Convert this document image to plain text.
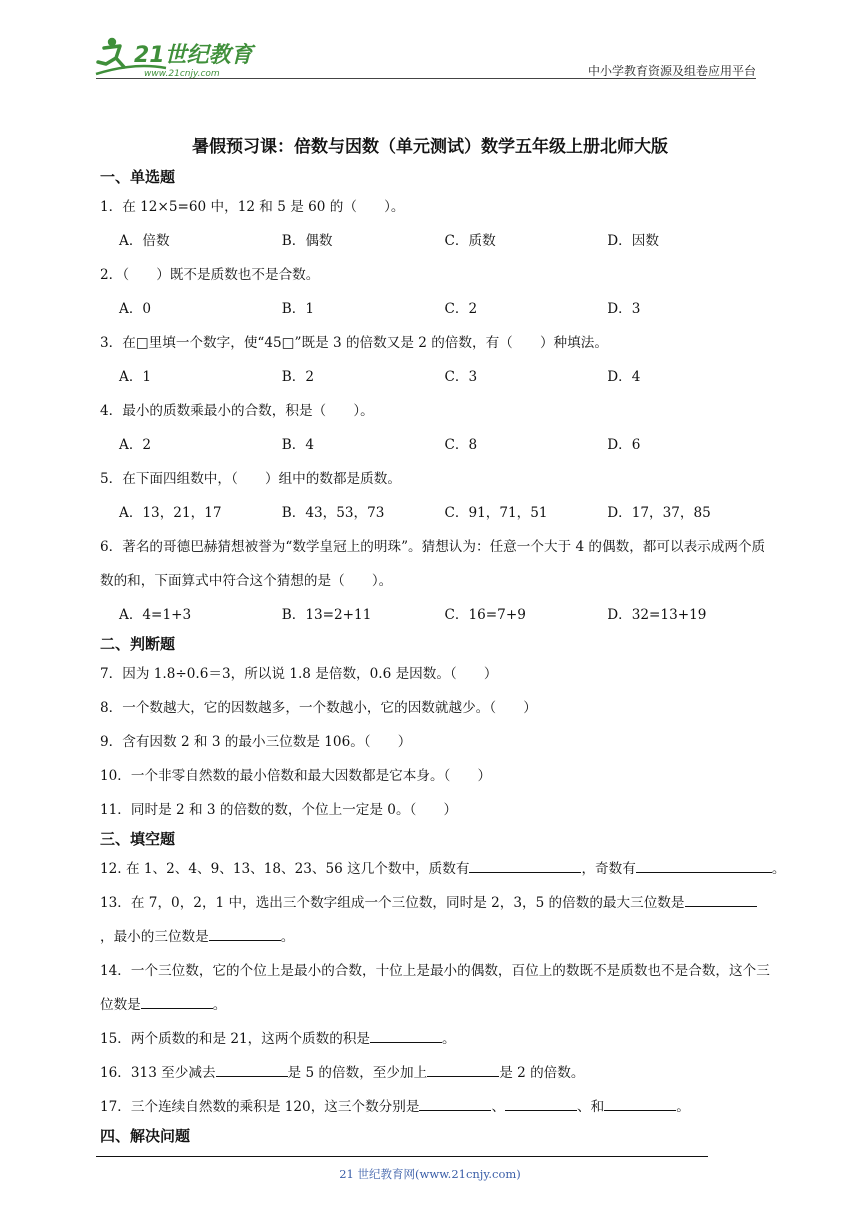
21世纪教育
www.21cnjy.com	中小学教育资源及组卷应用平台
暑假预习课：倍数与因数（单元测试）数学五年级上册北师大版
一、单选题
1．在 12×5=60 中，12 和 5 是 60 的（　　）。
A．倍数	B．偶数	C．质数	D．因数
2．（　　）既不是质数也不是合数。
A．0	B．1	C．2	D．3
3．在□里填一个数字，使“45□”既是 3 的倍数又是 2 的倍数，有（　　）种填法。
A．1	B．2	C．3	D．4
4．最小的质数乘最小的合数，积是（　　）。
A．2	B．4	C．8	D．6
5．在下面四组数中，（　　）组中的数都是质数。
A．13，21，17	B．43，53，73	C．91，71，51	D．17，37，85
6．著名的哥德巴赫猜想被誉为“数学皇冠上的明珠”。猜想认为：任意一个大于 4 的偶数，都可以表示成两个质数的和，下面算式中符合这个猜想的是（　　）。
A．4=1+3	B．13=2+11	C．16=7+9	D．32=13+19
二、判断题
7．因为 1.8÷0.6＝3，所以说 1.8 是倍数，0.6 是因数。（　　）
8．一个数越大，它的因数越多，一个数越小，它的因数就越少。（　　）
9．含有因数 2 和 3 的最小三位数是 106。（　　）
10．一个非零自然数的最小倍数和最大因数都是它本身。（　　）
11．同时是 2 和 3 的倍数的数，个位上一定是 0。（　　）
三、填空题
12. 在 1、2、4、9、13、18、23、56 这几个数中，质数有	，奇数有	。
13．在 7，0，2，1 中，选出三个数字组成一个三位数，同时是 2，3，5 的倍数的最大三位数是，最小的三位数是	。
14．一个三位数，它的个位上是最小的合数，十位上是最小的偶数，百位上的数既不是质数也不是合数，这个三位数是	。
15．两个质数的和是 21，这两个质数的积是	。
16．313 至少减去	是 5 的倍数，至少加上	是 2 的倍数。
17．三个连续自然数的乘积是 120，这三个数分别是	、	、和	。
四、解决问题
21 世纪教育网(www.21cnjy.com)
